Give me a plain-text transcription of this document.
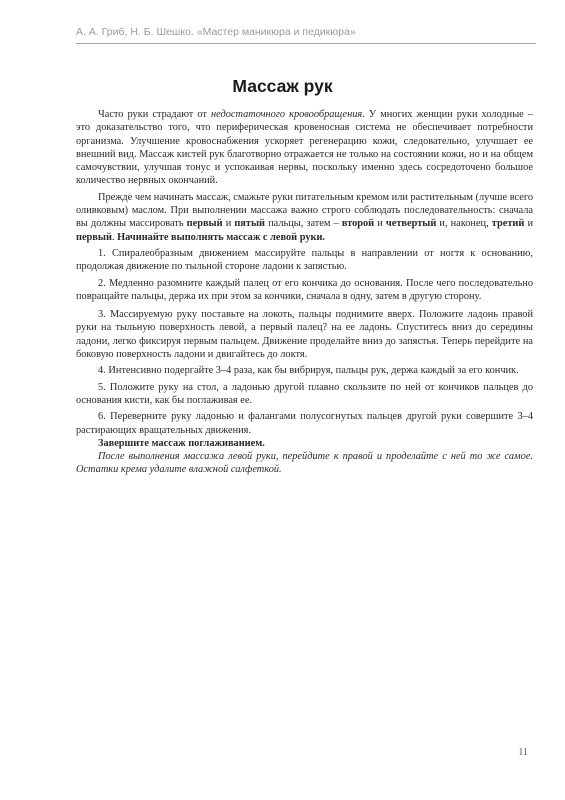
А. А. Гриб, Н. Б. Шешко. «Мастер маникюра и педикюра»
Массаж рук

Часто руки страдают от недостаточного кровообращения. У многих женщин руки холодные – это доказательство того, что периферическая кровеносная система не обеспечивает потребности организма. Улучшение кровоснабжения ускоряет регенерацию кожи, следовательно, улучшает ее внешний вид. Массаж кистей рук благотворно отражается не только на состоянии кожи, но и на общем самочувствии, улучшая тонус и успокаивая нервы, поскольку именно здесь сосредоточено большое количество нервных окончаний.

Прежде чем начинать массаж, смажьте руки питательным кремом или растительным (лучше всего оливковым) маслом. При выполнении массажа важно строго соблюдать последовательность: сначала вы должны массировать первый и пятый пальцы, затем – второй и четвертый и, наконец, третий и первый. Начинайте выполнять массаж с левой руки.

1. Спиралеобразным движением массируйте пальцы в направлении от ногтя к основанию, продолжая движение по тыльной стороне ладони к запястью.

2. Медленно разомните каждый палец от его кончика до основания. После чего последовательно повращайте пальцы, держа их при этом за кончики, сначала в одну, затем в другую сторону.

3. Массируемую руку поставьте на локоть, пальцы поднимите вверх. Положите ладонь правой руки на тыльную поверхность левой, а первый палец? на ее ладонь. Спуститесь вниз до середины ладони, легко фиксируя первым пальцем. Движение проделайте вниз до запястья. Теперь перейдите на боковую поверхность ладони и двигайтесь до локтя.

4. Интенсивно подергайте 3–4 раза, как бы вибрируя, пальцы рук, держа каждый за его кончик.

5. Положите руку на стол, а ладонью другой плавно скользите по ней от кончиков пальцев до основания кисти, как бы поглаживая ее.

6. Переверните руку ладонью и фалангами полусогнутых пальцев другой руки совершите 3–4 растирающих вращательных движения.

Завершите массаж поглаживанием.

После выполнения массажа левой руки, перейдите к правой и проделайте с ней то же самое. Остатки крема удалите влажной салфеткой.

11
